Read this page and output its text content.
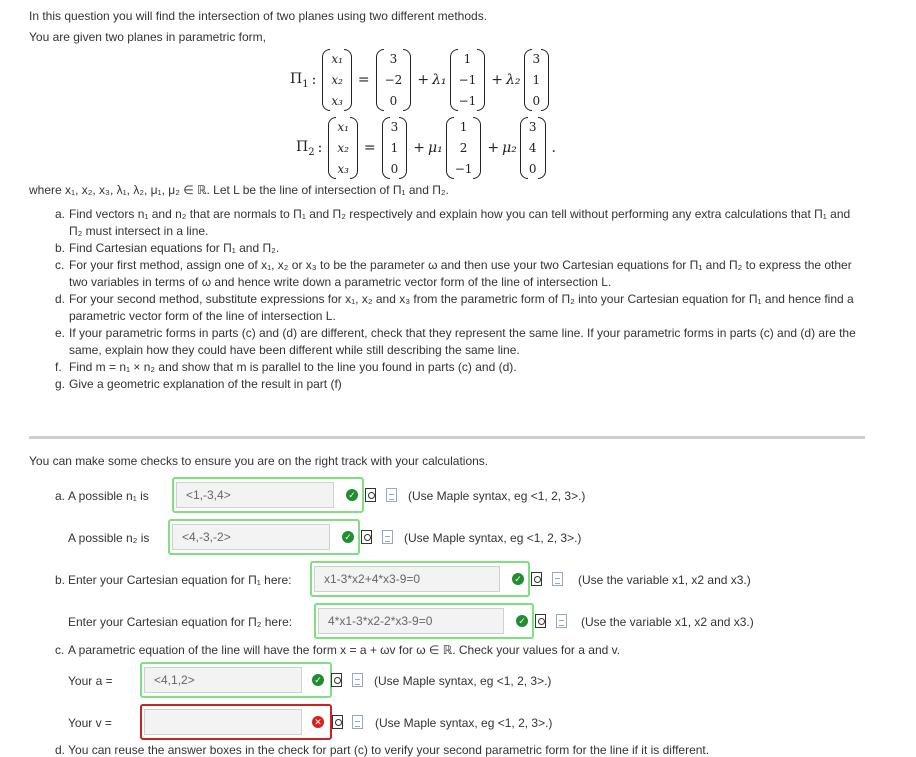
In this question you will find the intersection of two planes using two different methods.
You are given two planes in parametric form,
$\Pi_1$ :
x₁
x₂
x₃
=
3
−2
0
+ λ₁
1
−1
−1
+ λ₂
3
1
0
$\Pi_2$ :
x₁
x₂
x₃
=
3
1
0
+ μ₁
1
2
−1
+ μ₂
3
4
0
.
where x₁, x₂, x₃, λ₁, λ₂, μ₁, μ₂ ∈ ℝ. Let L be the line of intersection of Π₁ and Π₂.
a. Find vectors n₁ and n₂ that are normals to Π₁ and Π₂ respectively and explain how you can tell without performing any extra calculations that Π₁ and Π₂ must intersect in a line.
b. Find Cartesian equations for Π₁ and Π₂.
c. For your first method, assign one of x₁, x₂ or x₃ to be the parameter ω and then use your two Cartesian equations for Π₁ and Π₂ to express the other two variables in terms of ω and hence write down a parametric vector form of the line of intersection L.
d. For your second method, substitute expressions for x₁, x₂ and x₃ from the parametric form of Π₂ into your Cartesian equation for Π₁ and hence find a parametric vector form of the line of intersection L.
e. If your parametric forms in parts (c) and (d) are different, check that they represent the same line. If your parametric forms in parts (c) and (d) are the same, explain how they could have been different while still describing the same line.
f. Find m = n₁ × n₂ and show that m is parallel to the line you found in parts (c) and (d).
g. Give a geometric explanation of the result in part (f)
You can make some checks to ensure you are on the right track with your calculations.
a. A possible n₁ is	<1,-3,4>	✓	(Use Maple syntax, eg <1, 2, 3>.)
A possible n₂ is	<4,-3,-2>	✓	(Use Maple syntax, eg <1, 2, 3>.)
b. Enter your Cartesian equation for Π₁ here:	x1-3*x2+4*x3-9=0	✓	(Use the variable x1, x2 and x3.)
Enter your Cartesian equation for Π₂ here:	4*x1-3*x2-2*x3-9=0	✓	(Use the variable x1, x2 and x3.)
c. A parametric equation of the line will have the form x = a + ωv for ω ∈ ℝ. Check your values for a and v.
Your a =	<4,1,2>	✓	(Use Maple syntax, eg <1, 2, 3>.)
Your v =	✕	(Use Maple syntax, eg <1, 2, 3>.)
d. You can reuse the answer boxes in the check for part (c) to verify your second parametric form for the line if it is different.
